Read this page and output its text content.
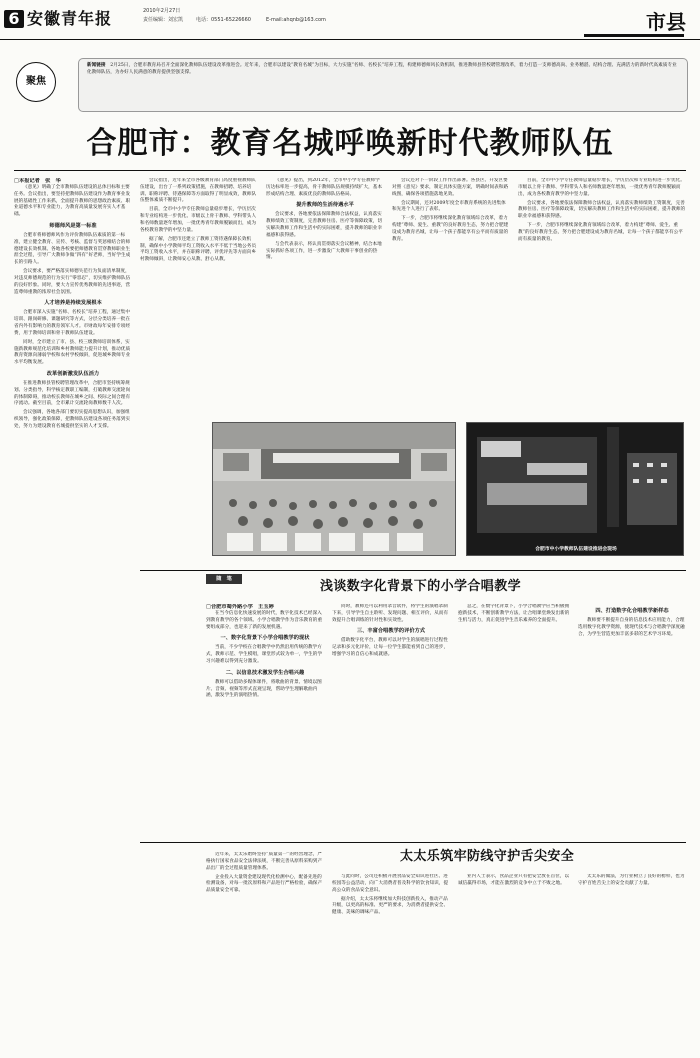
6 安徽青年报	2010年2月27日
责任编辑：刘宏凯	电话：0551-65226660	E-mail:ahqnb@163.com	市县
聚焦
新闻链接　 2月25日，合肥市教育局召开全面深化教师队伍建设改革推进会。近年来，合肥市以建设“教育名城”为目标，大力实施“名师、名校长”培养工程，构建师德师风长效机制，推进教师县管校聘管理改革，着力打造一支师德高尚、业务精湛、结构合理、充满活力的新时代高素质专业化教师队伍，为办好人民满意的教育提供坚强支撑。
合肥市：教育名城呼唤新时代教师队伍
□本报记者　张　华

《意见》明确了全市教师队伍建设的总体目标和主要任务。会议指出，要坚持把教师队伍建设作为教育事业发展的基础性工作来抓，全面提升教师的思想政治素质、职业道德水平和专业能力，为教育高质量发展夯实人才基础。

师德师风是第一标准

合肥市将师德师风作为评价教师队伍素质的第一标准，建立健全教育、宣传、考核、监督与奖惩相结合的师德建设长效机制。各地各校要把师德教育贯穿教师职业生涯全过程，引导广大教师争做“四有”好老师，当好学生成长的引路人。

会议要求，要严格落实师德失范行为负面清单制度，对违反师德规范的行为实行“零容忍”，切实维护教师队伍的良好形象。同时，要大力宣传优秀教师的先进事迹，营造尊师重教的浓厚社会氛围。

人才培养是持续发展根本

合肥市深入实施“名师、名校长”培养工程，通过集中培训、跟岗研修、课题研究等方式，分层分类培养一批在省内外有影响力的教育领军人才。市财政每年安排专项经费，用于教师培训和骨干教师队伍建设。

同时，全市建立了市、县、校三级教师培训体系，实施新教师规范化培训和乡村教师能力提升计划，推动优质教育资源向薄弱学校和农村学校倾斜，促进城乡教师专业水平均衡发展。

改革创新激发队伍活力

在推进教师县管校聘管理改革中，合肥市坚持统筹规划、分类指导，科学核定教职工编制，打破教师交流轮岗的体制障碍，推动校长教师在城乡之间、校际之间合理有序流动。截至目前，全市累计交流轮岗教师数千人次。

会议强调，各地各部门要切实提高思想认识，加强组织领导，强化政策保障，把教师队伍建设各项任务落到实处，努力为建设教育名城提供坚实的人才支撑。

会议指出，近年来全市各级教育部门高度重视教师队伍建设，出台了一系列政策措施，在教师招聘、培养培训、职称评聘、待遇保障等方面取得了明显成效，教师队伍整体素质不断提升。

目前，全市中小学专任教师总量稳步增长，学历层次和专业结构进一步优化。市级以上骨干教师、学科带头人和名师数量逐年增加，一批优秀青年教师脱颖而出，成为各校教育教学的中坚力量。

据了解，合肥市还建立了教师工资待遇保障长效机制，确保中小学教师平均工资收入水平不低于当地公务员平均工资收入水平，并在职称评聘、评优评先等方面向乡村教师倾斜，让教师安心从教、舒心从教。

《意见》提出，到2012年，全市中小学专任教师学历达标率进一步提高，骨干教师队伍规模持续扩大，基本形成结构合理、素质优良的教师队伍格局。

提升教师的生活待遇水平

会议要求，各地要依法保障教师合法权益，认真落实教师绩效工资制度，完善教师住房、医疗等保障政策，切实解决教师工作和生活中的实际困难，提升教师的职业幸福感和获得感。

与会代表表示，将认真贯彻落实会议精神，结合本地实际抓好各项工作，进一步激发广大教师干事创业的热情。

会议还对下一阶段工作作出部署。各县区、开发区要对照《意见》要求，制定具体实施方案，明确时间表和路线图，确保各项措施落地见效。

会议期间，还对2009年度全市教育系统的先进集体和先进个人进行了表彰。

下一步，合肥市将继续深化教育领域综合改革，着力构建“尊师、爱生、重教”的良好教育生态，努力把合肥建设成为教育名城，让每一个孩子都能享有公平而有质量的教育。

目前，全市中小学专任教师总量稳步增长，学历层次和专业结构进一步优化。市级以上骨干教师、学科带头人和名师数量逐年增加，一批优秀青年教师脱颖而出，成为各校教育教学的中坚力量。

会议要求，各地要依法保障教师合法权益，认真落实教师绩效工资制度，完善教师住房、医疗等保障政策，切实解决教师工作和生活中的实际困难，提升教师的职业幸福感和获得感。

下一步，合肥市将继续深化教育领域综合改革，着力构建“尊师、爱生、重教”的良好教育生态，努力把合肥建设成为教育名城，让每一个孩子都能享有公平而有质量的教育。

合肥市中小学教师队伍建设推进会现场
随　笔	浅谈数字化背景下的小学合唱教学
□合肥市蜀外路小学　王玉婷

在当今信息化快速发展的时代，数字化技术已经深入到教育教学的各个领域。小学合唱教学作为音乐教育的重要组成部分，也迎来了新的发展机遇。

一、数字化背景下小学合唱教学的现状

当前，不少学校在合唱教学中仍然沿用传统的教学方式，教师示范、学生模唱，课堂形式较为单一，学生的学习兴趣难以得到充分激发。

二、以信息技术激发学生合唱兴趣

教师可以借助多媒体课件，将歌曲的背景、情境以图片、音频、视频等形式直观呈现，帮助学生理解歌曲内涵，激发学生的演唱热情。

同时，教师还可以利用录音软件，将学生的演唱录制下来，引导学生自主聆听、发现问题、相互评价，从而有效提升合唱训练的针对性和实效性。

三、丰富合唱教学的评价方式

借助数字化平台，教师可以对学生的演唱进行过程性记录和多元化评价，让每一位学生都能看到自己的进步，增强学习的自信心和成就感。

总之，在数字化背景下，小学合唱教学应当积极拥抱新技术，不断创新教学方法，让合唱课堂焕发出新的生机与活力，真正促进学生音乐素养的全面提升。

四、打造数字化合唱教学新样态

教师要不断提升自身的信息技术应用能力，合理选用数字化教学资源，使现代技术与合唱教学深度融合，为学生营造更加丰富多彩的艺术学习环境。

近年来，太太乐始终坚持“质量第一”的经营理念，严格执行国家食品安全法律法规，不断完善从原料采购到产品出厂的全过程质量管理体系。

企业投入大量资金建设现代化检测中心，配备先进的检测设备，对每一批次原料和产品进行严格检验，确保产品质量安全可靠。

太太乐筑牢防线守护舌尖安全

与此同时，公司还积极开展食品安全知识进社区、进校园等公益活动，向广大消费者普及科学的饮食知识，提高公众的食品安全意识。

据介绍，太太乐将继续加大科技创新投入，推动产品升级，以更高的标准、更严的要求，为消费者提供安全、健康、美味的调味产品。

业内人士表示，食品企业只有把安全放在首位，以诚信赢得市场，才能在激烈的竞争中立于不败之地。

太太乐的做法，为行业树立了良好的榜样，也为守护百姓舌尖上的安全贡献了力量。
